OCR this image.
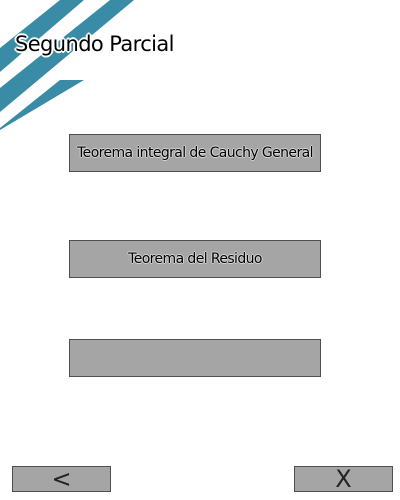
Segundo Parcial
Teorema integral de Cauchy General
Teorema del Residuo
<	X
